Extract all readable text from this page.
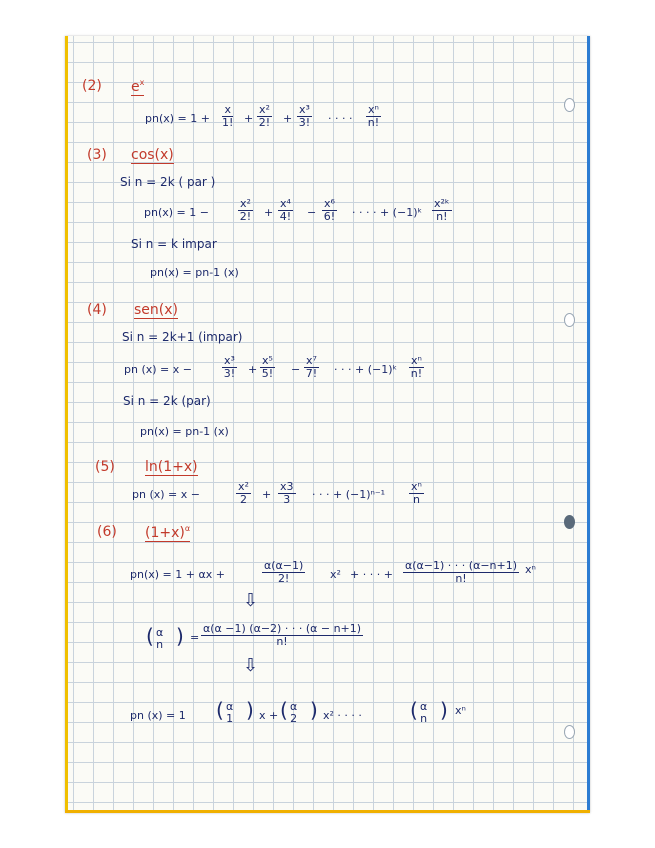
(2) $e^x$
$pn(x) = 1 + \frac{x}{1!} + \frac{\text{x²}}{2!} + \frac{\text{x³}}{3!}$ · · · · $\frac{\text{xⁿ}}{n!}$
(3) cos(x)
Si n = 2k ( par )
pn(x) = 1 −	$\frac{\text{x²}}{2!} + \frac{\text{x⁴}}{4!} - \frac{\text{x⁶}}{6!}$ · · · · + (−1)ᵏ $\frac{\text{x²ᵏ}}{n!}$
Si n = k impar
pn(x) = pn-1 (x)
(4) sen(x)
Si n = 2k+1 (impar)
pn (x) = x −	$\frac{\text{x³}}{3!} + \frac{\text{x⁵}}{5!} - \frac{\text{x⁷}}{7!}$ · · · + (−1)ᵏ $\frac{\text{xⁿ}}{n!}$
Si n = 2k (par)
pn(x) = pn-1 (x)
(5) ln(1+x)
pn (x) = x −	$\frac{\text{x²}}{2} + \frac{x3}{3}$ · · · + $(-1)^{n-1} \frac{\text{xⁿ}}{n}$
(6) $(1+x)^\alpha$
pn(x) = 1 + αx +	$\frac{\alpha(\alpha-1)}{2!} x^2$ + · · · + $\frac{\alpha(\alpha-1) \cdot \cdot \cdot (\alpha-n+1)}{n!}$ xⁿ
⇩
( α
n ) = $\frac{\alpha(\alpha -1) (\alpha-2) \cdot \cdot \cdot (\alpha - n+1)}{n!}$
⇩
pn (x) = 1 ( α
1 ) x + ( α
2 ) x² · · · · ( α
n ) xⁿ
